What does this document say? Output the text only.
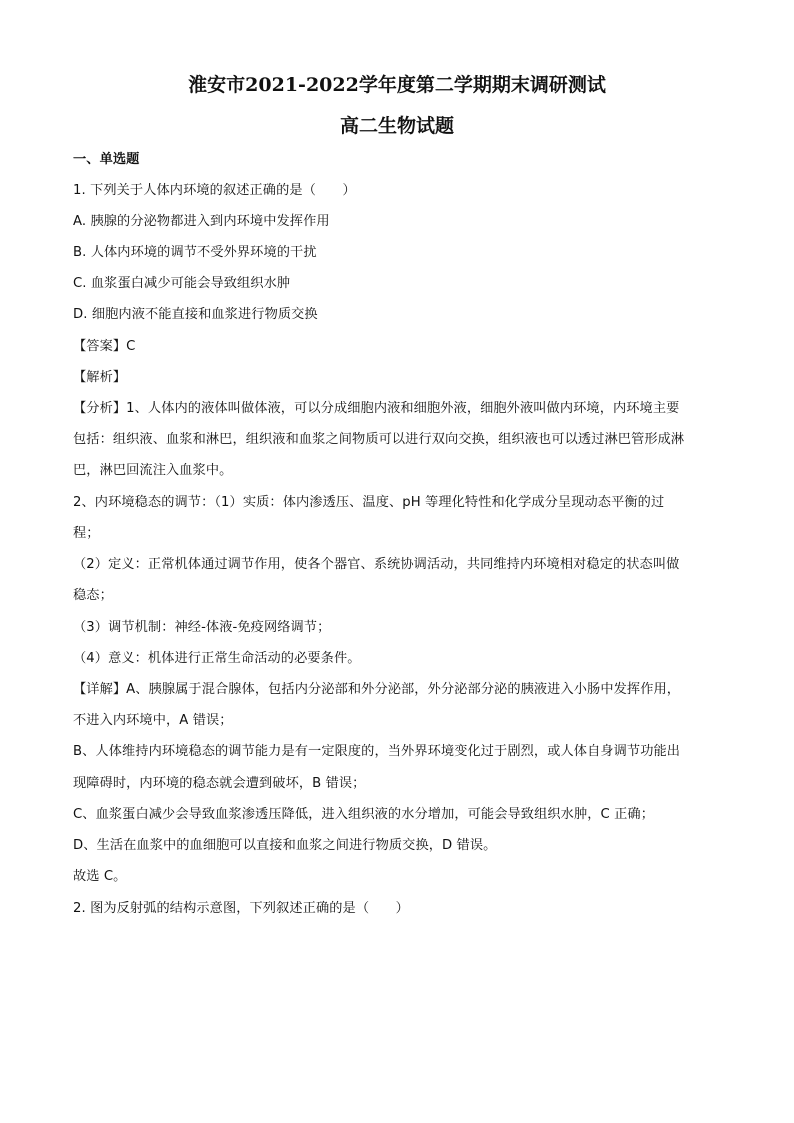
淮安市2021-2022学年度第二学期期末调研测试
高二生物试题
一、单选题
1. 下列关于人体内环境的叙述正确的是（　　）
A. 胰腺的分泌物都进入到内环境中发挥作用
B. 人体内环境的调节不受外界环境的干扰
C. 血浆蛋白减少可能会导致组织水肿
D. 细胞内液不能直接和血浆进行物质交换
【答案】C
【解析】
【分析】1、人体内的液体叫做体液，可以分成细胞内液和细胞外液，细胞外液叫做内环境，内环境主要
包括：组织液、血浆和淋巴，组织液和血浆之间物质可以进行双向交换，组织液也可以透过淋巴管形成淋
巴，淋巴回流注入血浆中。
2、内环境稳态的调节：（1）实质：体内渗透压、温度、pH 等理化特性和化学成分呈现动态平衡的过
程；
（2）定义：正常机体通过调节作用，使各个器官、系统协调活动，共同维持内环境相对稳定的状态叫做
稳态；
（3）调节机制：神经-体液-免疫网络调节；
（4）意义：机体进行正常生命活动的必要条件。
【详解】A、胰腺属于混合腺体，包括内分泌部和外分泌部，外分泌部分泌的胰液进入小肠中发挥作用，
不进入内环境中，A 错误；
B、人体维持内环境稳态的调节能力是有一定限度的，当外界环境变化过于剧烈，或人体自身调节功能出
现障碍时，内环境的稳态就会遭到破坏，B 错误；
C、血浆蛋白减少会导致血浆渗透压降低，进入组织液的水分增加，可能会导致组织水肿，C 正确；
D、生活在血浆中的血细胞可以直接和血浆之间进行物质交换，D 错误。
故选 C。
2. 图为反射弧的结构示意图，下列叙述正确的是（　　）
